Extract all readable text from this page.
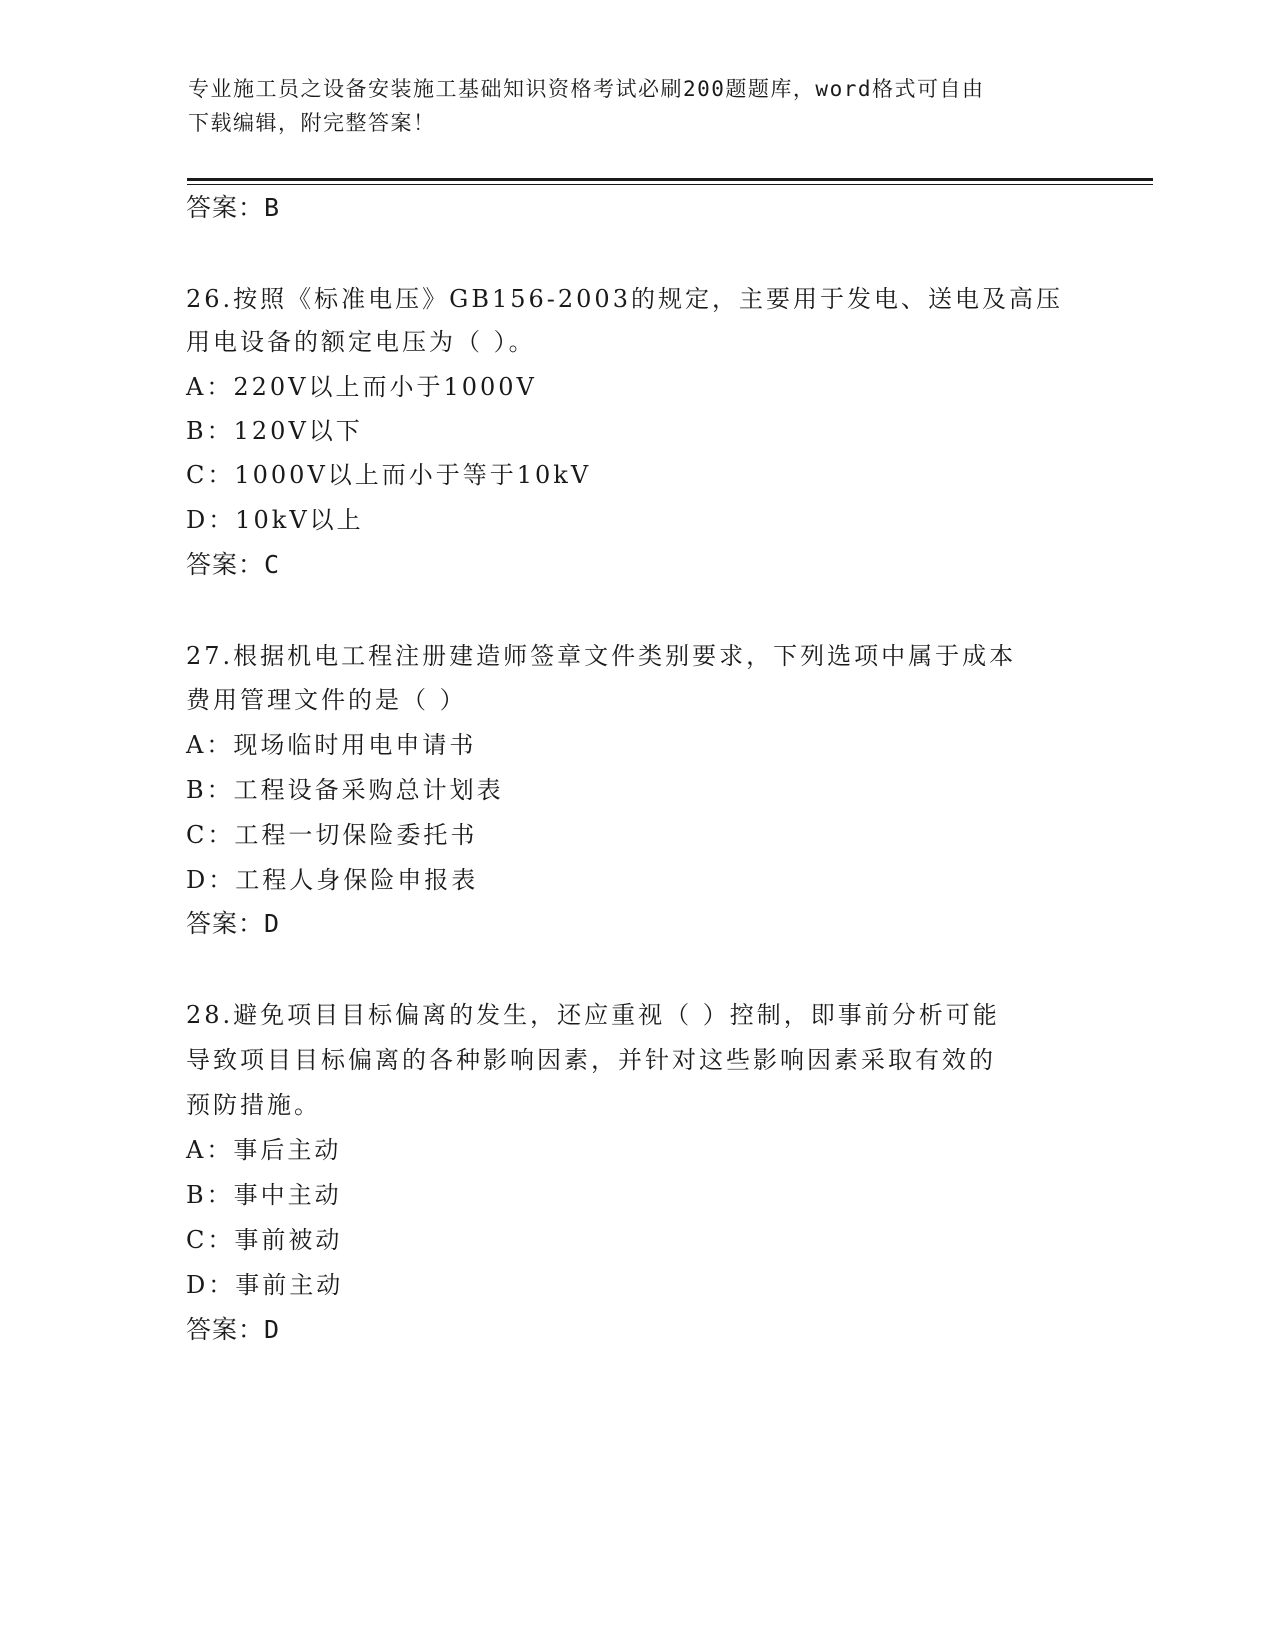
专业施工员之设备安装施工基础知识资格考试必刷200题题库，word格式可自由
下载编辑，附完整答案！
答案：B
26.按照《标准电压》GB156-2003的规定，主要用于发电、送电及高压
用电设备的额定电压为（ ）。
A：220V以上而小于1000V
B：120V以下
C：1000V以上而小于等于10kV
D：10kV以上
答案：C
27.根据机电工程注册建造师签章文件类别要求，下列选项中属于成本
费用管理文件的是（ ）
A：现场临时用电申请书
B：工程设备采购总计划表
C：工程一切保险委托书
D：工程人身保险申报表
答案：D
28.避免项目目标偏离的发生，还应重视（ ）控制，即事前分析可能
导致项目目标偏离的各种影响因素，并针对这些影响因素采取有效的
预防措施。
A：事后主动
B：事中主动
C：事前被动
D：事前主动
答案：D
